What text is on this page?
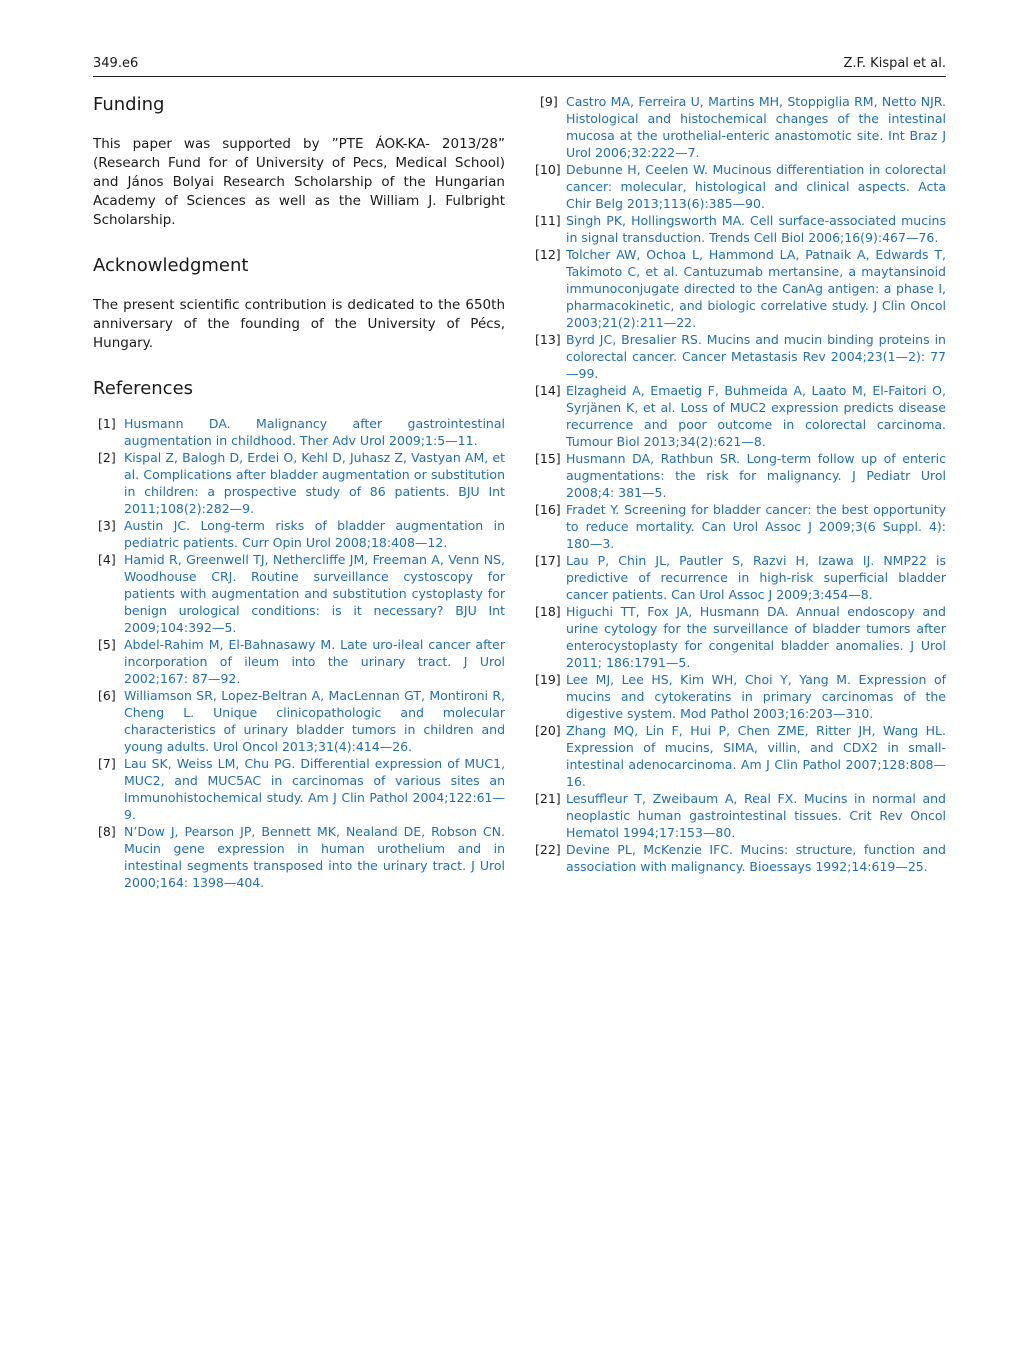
349.e6	Z.F. Kispal et al.
Funding

This paper was supported by ”PTE ÁOK-KA- 2013/28” (Research Fund for of University of Pecs, Medical School) and János Bolyai Research Scholarship of the Hungarian Academy of Sciences as well as the William J. Fulbright Scholarship.

Acknowledgment

The present scientific contribution is dedicated to the 650th anniversary of the founding of the University of Pécs, Hungary.

References
[1] Husmann DA. Malignancy after gastrointestinal augmentation in childhood. Ther Adv Urol 2009;1:5—11.
[2] Kispal Z, Balogh D, Erdei O, Kehl D, Juhasz Z, Vastyan AM, et al. Complications after bladder augmentation or substitution in children: a prospective study of 86 patients. BJU Int 2011;108(2):282—9.
[3] Austin JC. Long-term risks of bladder augmentation in pediatric patients. Curr Opin Urol 2008;18:408—12.
[4] Hamid R, Greenwell TJ, Nethercliffe JM, Freeman A, Venn NS, Woodhouse CRJ. Routine surveillance cystoscopy for patients with augmentation and substitution cystoplasty for benign urological conditions: is it necessary? BJU Int 2009;104:392—5.
[5] Abdel-Rahim M, El-Bahnasawy M. Late uro-ileal cancer after incorporation of ileum into the urinary tract. J Urol 2002;167: 87—92.
[6] Williamson SR, Lopez-Beltran A, MacLennan GT, Montironi R, Cheng L. Unique clinicopathologic and molecular characteristics of urinary bladder tumors in children and young adults. Urol Oncol 2013;31(4):414—26.
[7] Lau SK, Weiss LM, Chu PG. Differential expression of MUC1, MUC2, and MUC5AC in carcinomas of various sites an Immunohistochemical study. Am J Clin Pathol 2004;122:61—9.
[8] N’Dow J, Pearson JP, Bennett MK, Nealand DE, Robson CN. Mucin gene expression in human urothelium and in intestinal segments transposed into the urinary tract. J Urol 2000;164: 1398—404.
[9] Castro MA, Ferreira U, Martins MH, Stoppiglia RM, Netto NJR. Histological and histochemical changes of the intestinal mucosa at the urothelial-enteric anastomotic site. Int Braz J Urol 2006;32:222—7.
[10] Debunne H, Ceelen W. Mucinous differentiation in colorectal cancer: molecular, histological and clinical aspects. Acta Chir Belg 2013;113(6):385—90.
[11] Singh PK, Hollingsworth MA. Cell surface-associated mucins in signal transduction. Trends Cell Biol 2006;16(9):467—76.
[12] Tolcher AW, Ochoa L, Hammond LA, Patnaik A, Edwards T, Takimoto C, et al. Cantuzumab mertansine, a maytansinoid immunoconjugate directed to the CanAg antigen: a phase I, pharmacokinetic, and biologic correlative study. J Clin Oncol 2003;21(2):211—22.
[13] Byrd JC, Bresalier RS. Mucins and mucin binding proteins in colorectal cancer. Cancer Metastasis Rev 2004;23(1—2): 77—99.
[14] Elzagheid A, Emaetig F, Buhmeida A, Laato M, El-Faitori O, Syrjänen K, et al. Loss of MUC2 expression predicts disease recurrence and poor outcome in colorectal carcinoma. Tumour Biol 2013;34(2):621—8.
[15] Husmann DA, Rathbun SR. Long-term follow up of enteric augmentations: the risk for malignancy. J Pediatr Urol 2008;4: 381—5.
[16] Fradet Y. Screening for bladder cancer: the best opportunity to reduce mortality. Can Urol Assoc J 2009;3(6 Suppl. 4): 180—3.
[17] Lau P, Chin JL, Pautler S, Razvi H, Izawa IJ. NMP22 is predictive of recurrence in high-risk superficial bladder cancer patients. Can Urol Assoc J 2009;3:454—8.
[18] Higuchi TT, Fox JA, Husmann DA. Annual endoscopy and urine cytology for the surveillance of bladder tumors after enterocystoplasty for congenital bladder anomalies. J Urol 2011; 186:1791—5.
[19] Lee MJ, Lee HS, Kim WH, Choi Y, Yang M. Expression of mucins and cytokeratins in primary carcinomas of the digestive system. Mod Pathol 2003;16:203—310.
[20] Zhang MQ, Lin F, Hui P, Chen ZME, Ritter JH, Wang HL. Expression of mucins, SIMA, villin, and CDX2 in small-intestinal adenocarcinoma. Am J Clin Pathol 2007;128:808—16.
[21] Lesuffleur T, Zweibaum A, Real FX. Mucins in normal and neoplastic human gastrointestinal tissues. Crit Rev Oncol Hematol 1994;17:153—80.
[22] Devine PL, McKenzie IFC. Mucins: structure, function and association with malignancy. Bioessays 1992;14:619—25.
